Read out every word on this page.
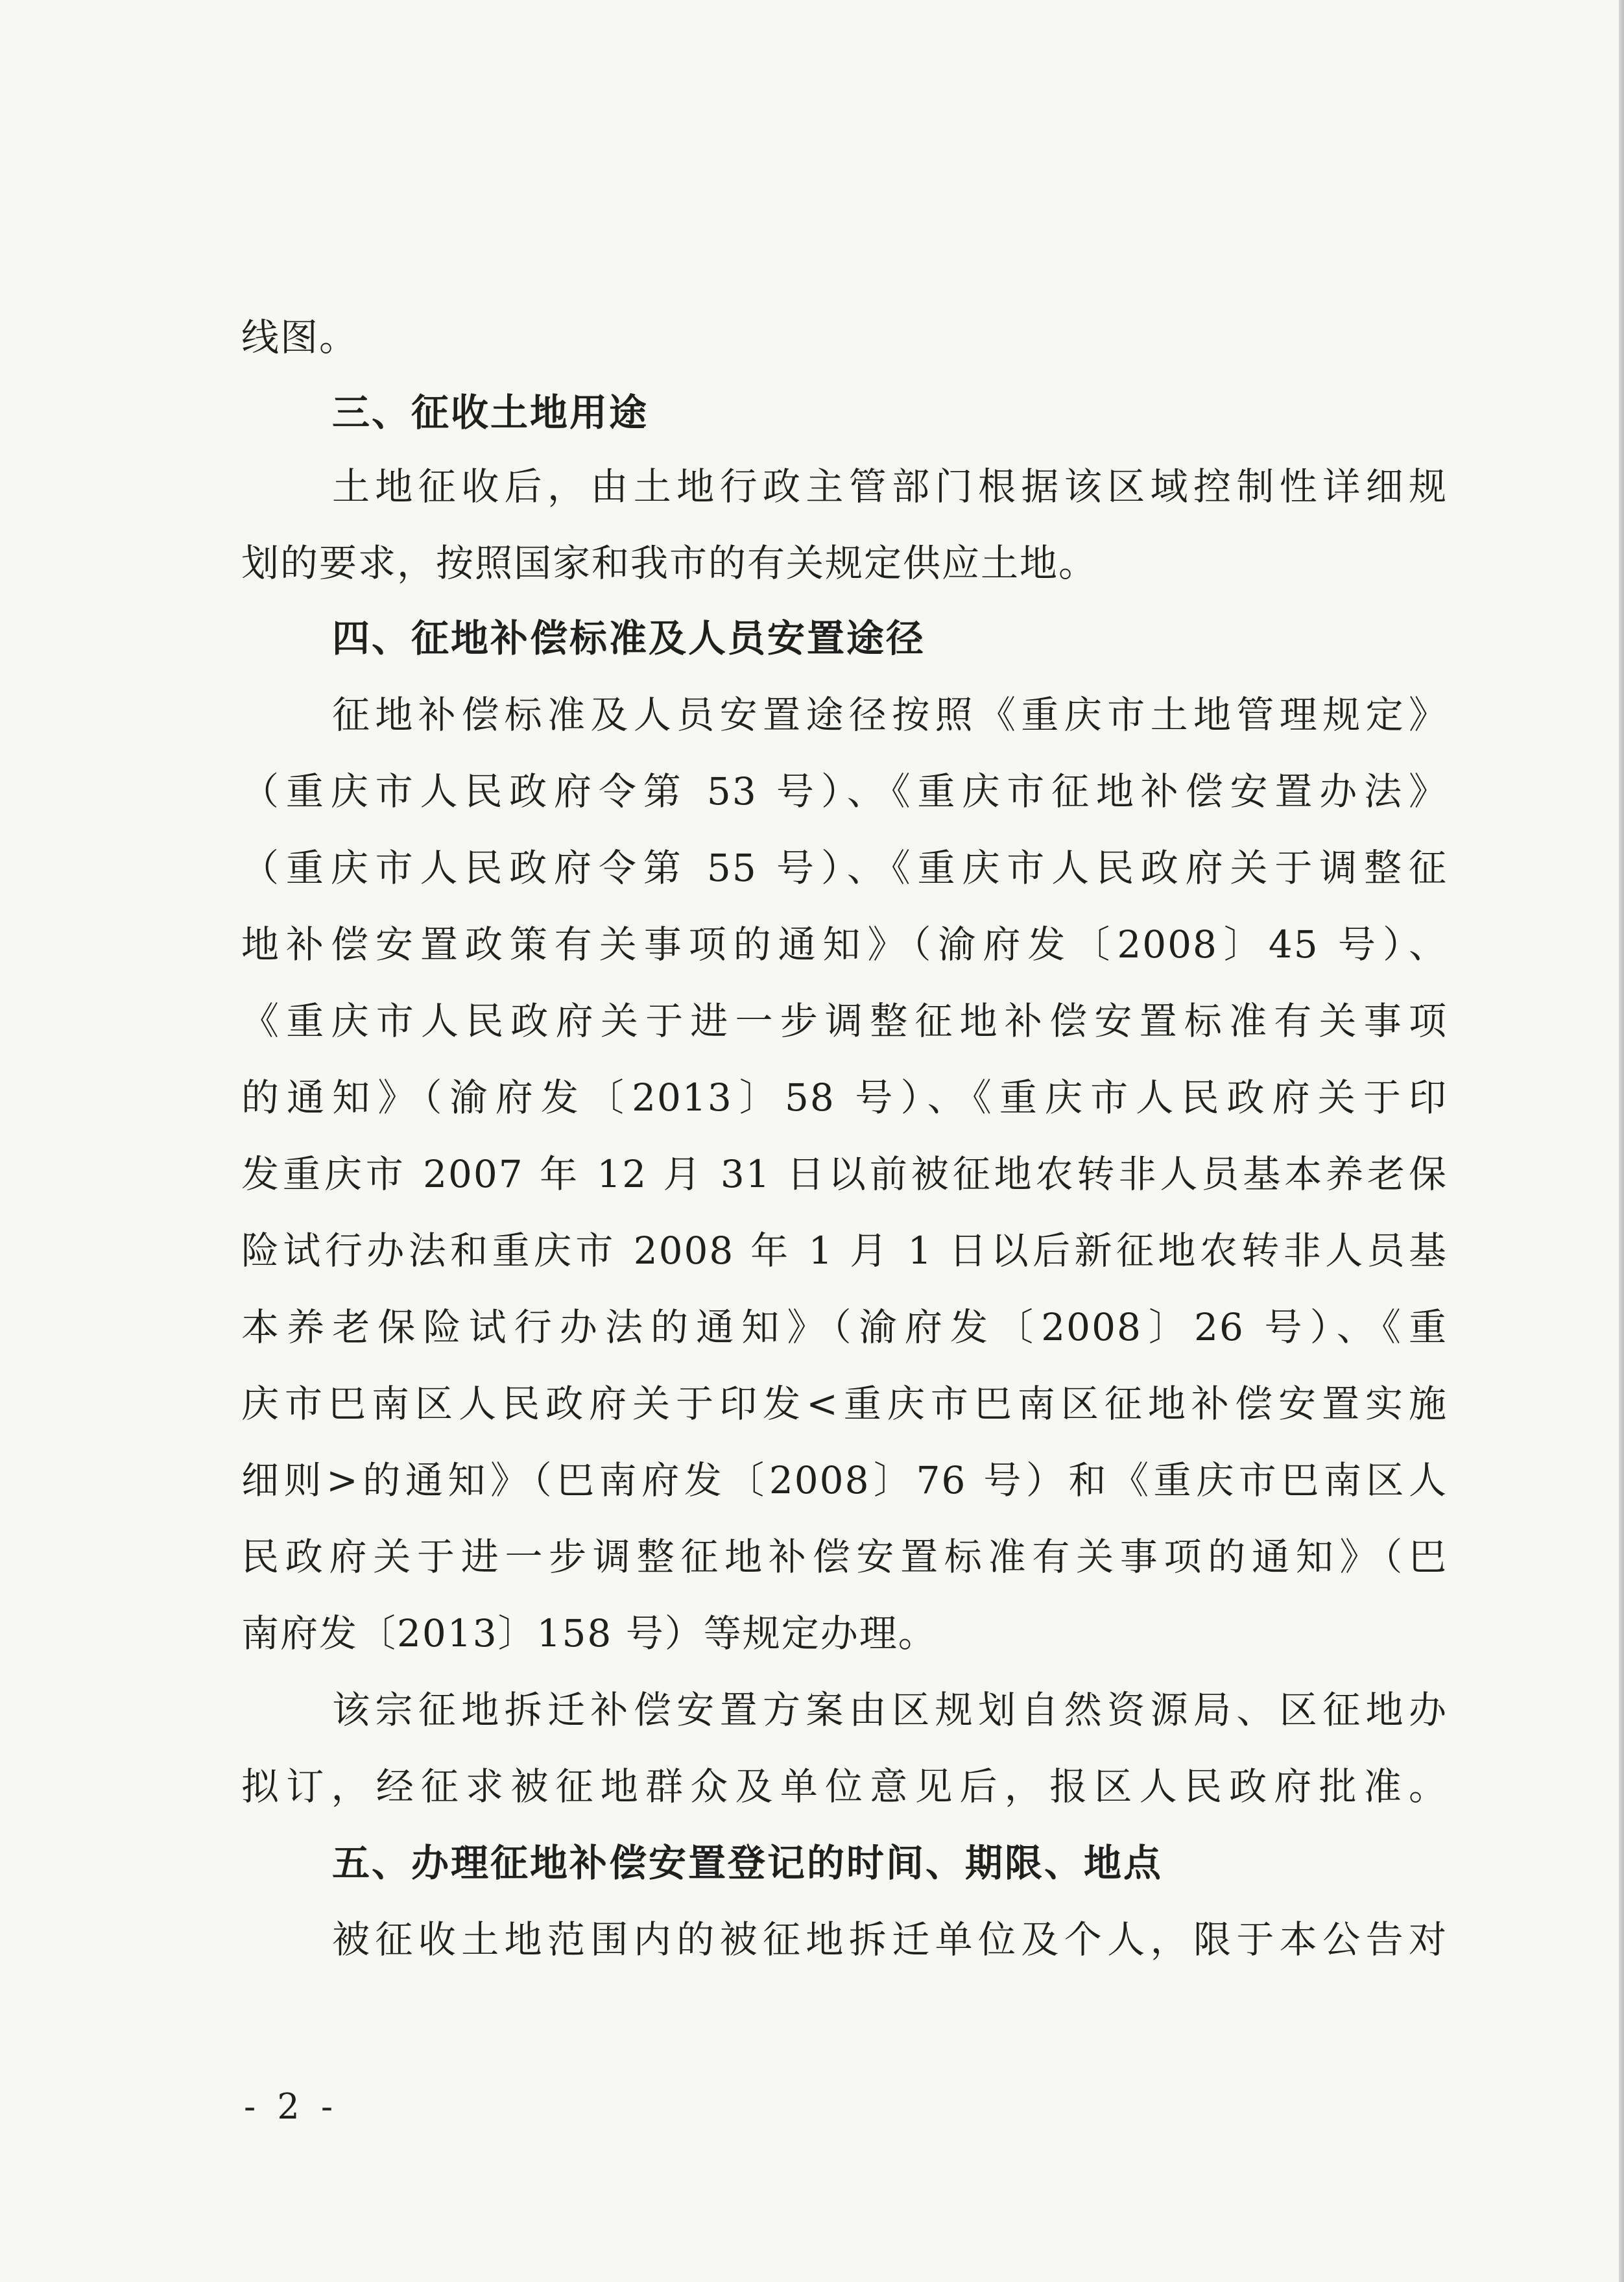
线图。
三、征收土地用途
土地征收后，由土地行政主管部门根据该区域控制性详细规
划的要求，按照国家和我市的有关规定供应土地。
四、征地补偿标准及人员安置途径
征地补偿标准及人员安置途径按照《重庆市土地管理规定》
（重庆市人民政府令第 53 号）、《重庆市征地补偿安置办法》
（重庆市人民政府令第 55 号）、《重庆市人民政府关于调整征
地补偿安置政策有关事项的通知》（渝府发〔2008〕45 号）、
《重庆市人民政府关于进一步调整征地补偿安置标准有关事项
的通知》（渝府发〔2013〕58 号）、《重庆市人民政府关于印
发重庆市 2007 年 12 月 31 日以前被征地农转非人员基本养老保
险试行办法和重庆市 2008 年 1 月 1 日以后新征地农转非人员基
本养老保险试行办法的通知》（渝府发〔2008〕26 号）、《重
庆市巴南区人民政府关于印发<重庆市巴南区征地补偿安置实施
细则>的通知》（巴南府发〔2008〕76 号）和《重庆市巴南区人
民政府关于进一步调整征地补偿安置标准有关事项的通知》（巴
南府发〔2013〕158 号）等规定办理。
该宗征地拆迁补偿安置方案由区规划自然资源局、区征地办
拟订，经征求被征地群众及单位意见后，报区人民政府批准。
五、办理征地补偿安置登记的时间、期限、地点
被征收土地范围内的被征地拆迁单位及个人，限于本公告对
- 2 -
